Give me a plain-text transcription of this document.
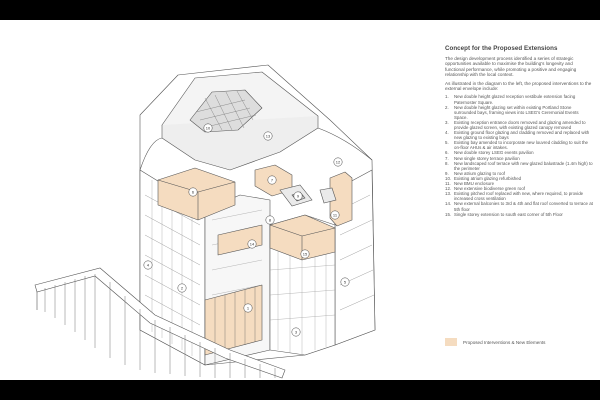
1
2
3
4
5
6
7
8
9
10
11
12
13
14
15
Concept for the Proposed Extensions

The design development process identified a series of strategic opportunities available to maximise the building's longevity and functional performance, while promoting a positive and engaging relationship with the local context.

As illustrated in the diagram to the left, the proposed interventions to the external envelope include:

1.	New double height glazed reception vestibule extension facing Paternoster Square.
2.	New double height glazing set within existing Portland Stone surrounded bays, framing views into LSEG's Ceremonial Events Space.
3.	Existing reception entrance doors removed and glazing amended to provide glazed screen, with existing glazed canopy removed
4.	Existing ground floor glazing and cladding removed and replaced with new glazing to existing bays
5.	Existing bay amended to incorporate new louvred cladding to suit the on-floor AHUs & air intakes.
6.	New double storey LSEG events pavilion
7.	New single storey terrace pavilion
8.	New landscaped roof terrace with new glazed balustrade (1.4m high) to the perimeter
9.	New atrium glazing to roof
10. Existing atrium glazing refurbished
11. New BMU enclosure
12. New extensive biodiverse green roof
13. Existing pitched roof replaced with new, where required, to provide increased cross ventilation
14. New external balconies to 3rd & 4th and flat roof converted to terrace at 5th floor
15. Single storey extension to south east corner of 5th Floor
Proposed Interventions & New Elements
